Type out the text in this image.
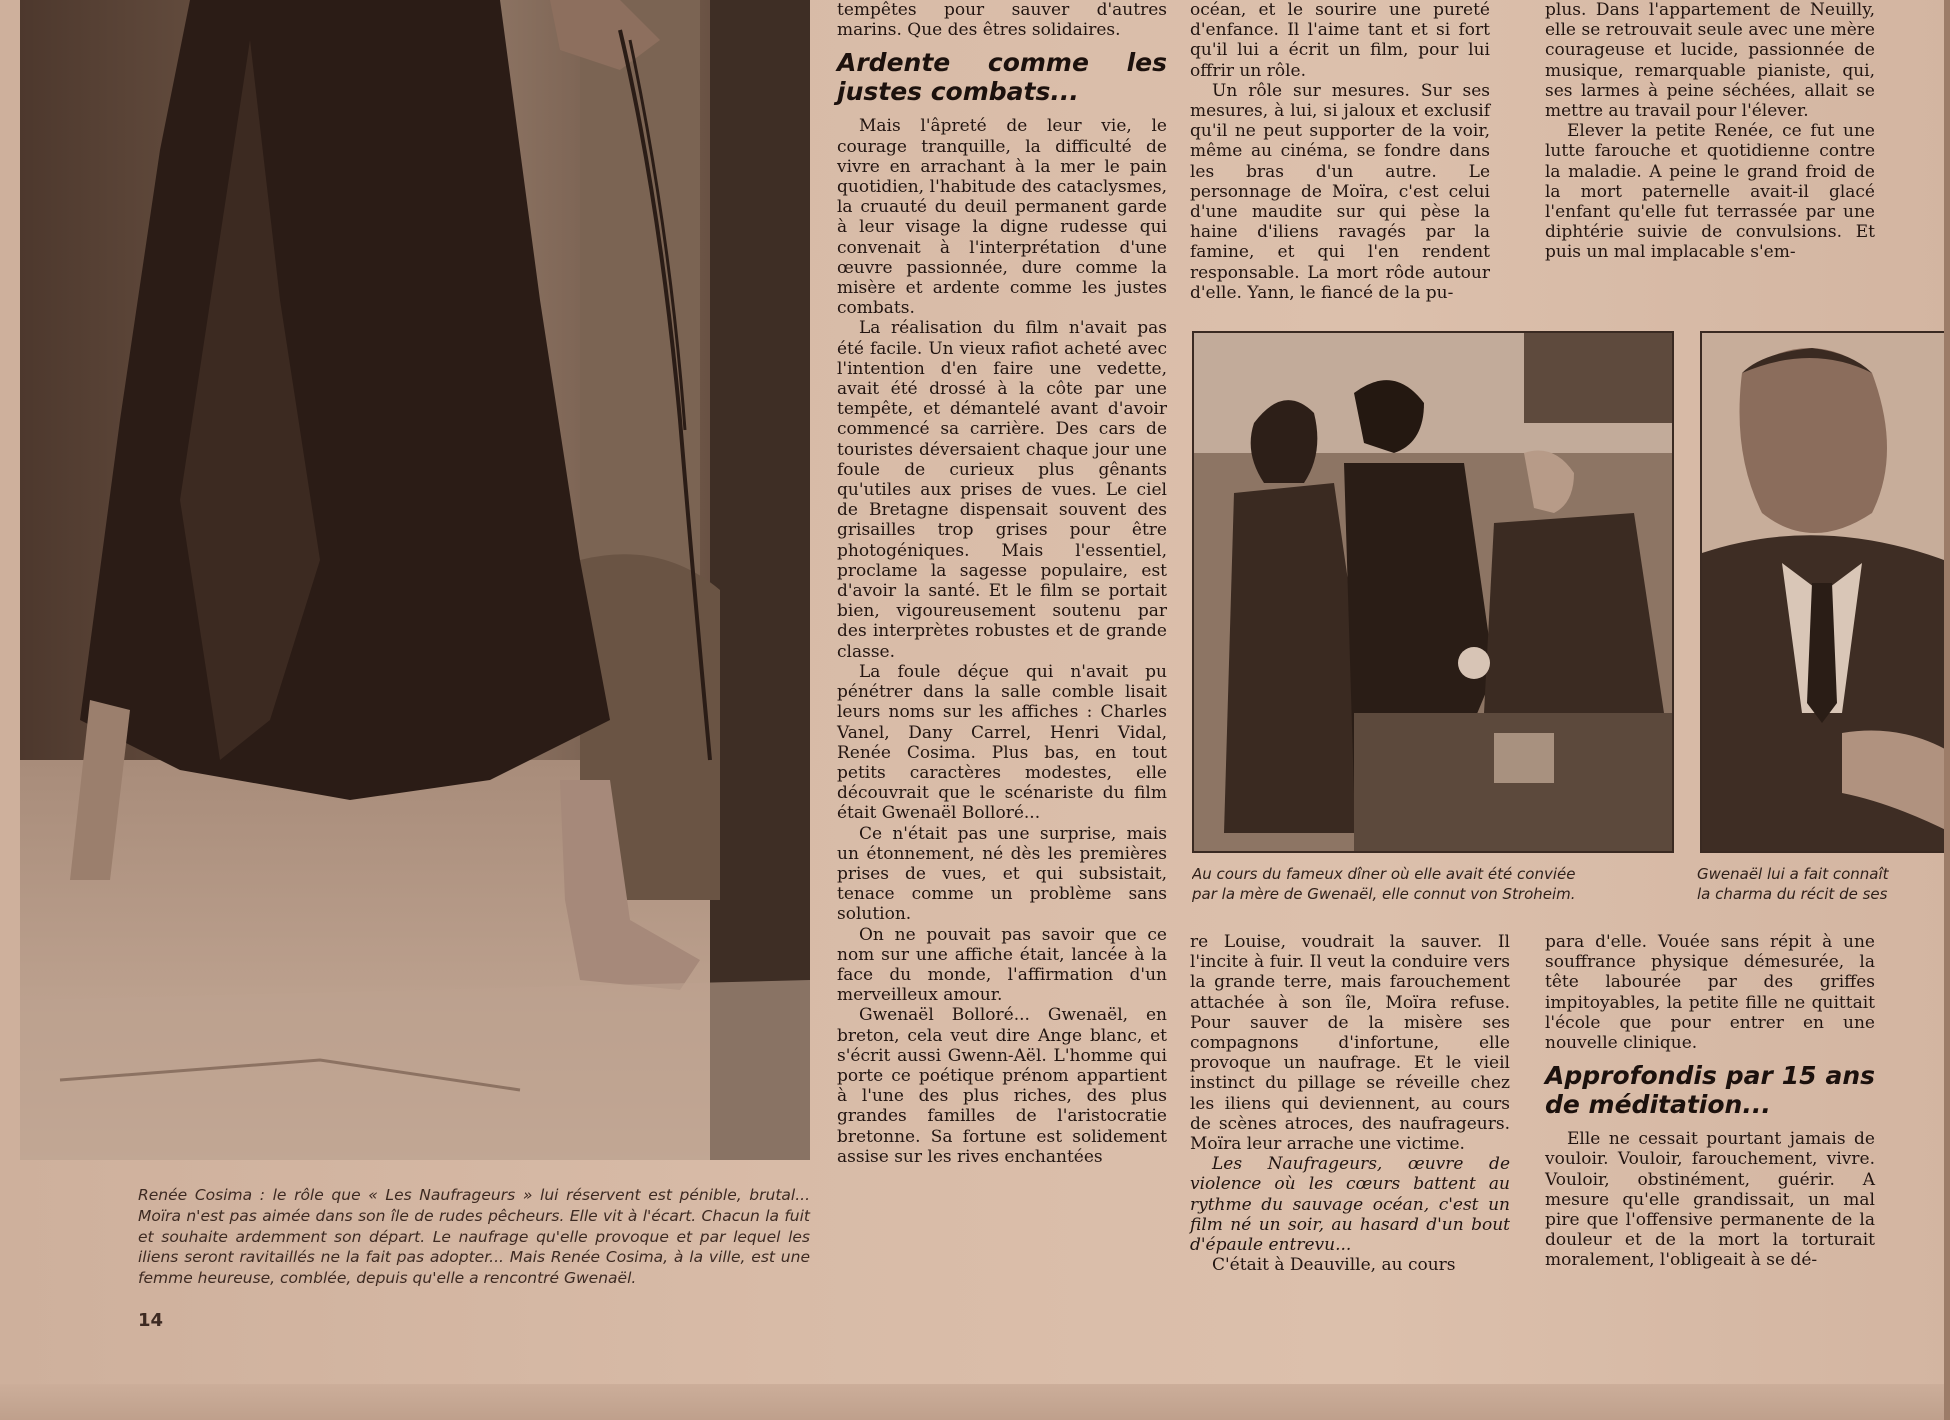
Renée Cosima : le rôle que « Les Naufrageurs » lui réservent est pénible, brutal... Moïra n'est pas aimée dans son île de rudes pêcheurs. Elle vit à l'écart. Chacun la fuit et souhaite ardemment son départ. Le naufrage qu'elle provoque et par lequel les iliens seront ravitaillés ne la fait pas adopter... Mais Renée Cosima, à la ville, est une femme heureuse, comblée, depuis qu'elle a rencontré Gwenaël.
14

tempêtes pour sauver d'autres marins. Que des êtres solidaires.

Ardente comme les justes combats...

Mais l'âpreté de leur vie, le courage tranquille, la difficulté de vivre en arrachant à la mer le pain quotidien, l'habitude des cataclysmes, la cruauté du deuil permanent garde à leur visage la digne rudesse qui convenait à l'interprétation d'une œuvre passionnée, dure comme la misère et ardente comme les justes combats.

La réalisation du film n'avait pas été facile. Un vieux rafiot acheté avec l'intention d'en faire une vedette, avait été drossé à la côte par une tempête, et démantelé avant d'avoir commencé sa carrière. Des cars de touristes déversaient chaque jour une foule de curieux plus gênants qu'utiles aux prises de vues. Le ciel de Bretagne dispensait souvent des grisailles trop grises pour être photogéniques. Mais l'essentiel, proclame la sagesse populaire, est d'avoir la santé. Et le film se portait bien, vigoureusement soutenu par des interprètes robustes et de grande classe.

La foule déçue qui n'avait pu pénétrer dans la salle comble lisait leurs noms sur les affiches : Charles Vanel, Dany Carrel, Henri Vidal, Renée Cosima. Plus bas, en tout petits caractères modestes, elle découvrait que le scénariste du film était Gwenaël Bolloré...

Ce n'était pas une surprise, mais un étonnement, né dès les premières prises de vues, et qui subsistait, tenace comme un problème sans solution.

On ne pouvait pas savoir que ce nom sur une affiche était, lancée à la face du monde, l'affirmation d'un merveilleux amour.

Gwenaël Bolloré... Gwenaël, en breton, cela veut dire Ange blanc, et s'écrit aussi Gwenn-Aël. L'homme qui porte ce poétique prénom appartient à l'une des plus riches, des plus grandes familles de l'aristocratie bretonne. Sa fortune est solidement assise sur les rives enchantées

océan, et le sourire une pureté d'enfance. Il l'aime tant et si fort qu'il lui a écrit un film, pour lui offrir un rôle.

Un rôle sur mesures. Sur ses mesures, à lui, si jaloux et exclusif qu'il ne peut supporter de la voir, même au cinéma, se fondre dans les bras d'un autre. Le personnage de Moïra, c'est celui d'une maudite sur qui pèse la haine d'iliens ravagés par la famine, et qui l'en rendent responsable. La mort rôde autour d'elle. Yann, le fiancé de la pu-

plus. Dans l'appartement de Neuilly, elle se retrouvait seule avec une mère courageuse et lucide, passionnée de musique, remarquable pianiste, qui, ses larmes à peine séchées, allait se mettre au travail pour l'élever.

Elever la petite Renée, ce fut une lutte farouche et quotidienne contre la maladie. A peine le grand froid de la mort paternelle avait-il glacé l'enfant qu'elle fut terrassée par une diphtérie suivie de convulsions. Et puis un mal implacable s'em-

Au cours du fameux dîner où elle avait été conviée
par la mère de Gwenaël, elle connut von Stroheim.
Gwenaël lui a fait connaît
la charma du récit de ses

re Louise, voudrait la sauver. Il l'incite à fuir. Il veut la conduire vers la grande terre, mais farouchement attachée à son île, Moïra refuse. Pour sauver de la misère ses compagnons d'infortune, elle provoque un naufrage. Et le vieil instinct du pillage se réveille chez les iliens qui deviennent, au cours de scènes atroces, des naufrageurs. Moïra leur arrache une victime.

Les Naufrageurs, œuvre de violence où les cœurs battent au rythme du sauvage océan, c'est un film né un soir, au hasard d'un bout d'épaule entrevu...

C'était à Deauville, au cours

para d'elle. Vouée sans répit à une souffrance physique démesurée, la tête labourée par des griffes impitoyables, la petite fille ne quittait l'école que pour entrer en une nouvelle clinique.

Approfondis par 15 ans de méditation...

Elle ne cessait pourtant jamais de vouloir. Vouloir, farouchement, vivre. Vouloir, obstinément, guérir. A mesure qu'elle grandissait, un mal pire que l'offensive permanente de la douleur et de la mort la torturait moralement, l'obligeait à se dé-
